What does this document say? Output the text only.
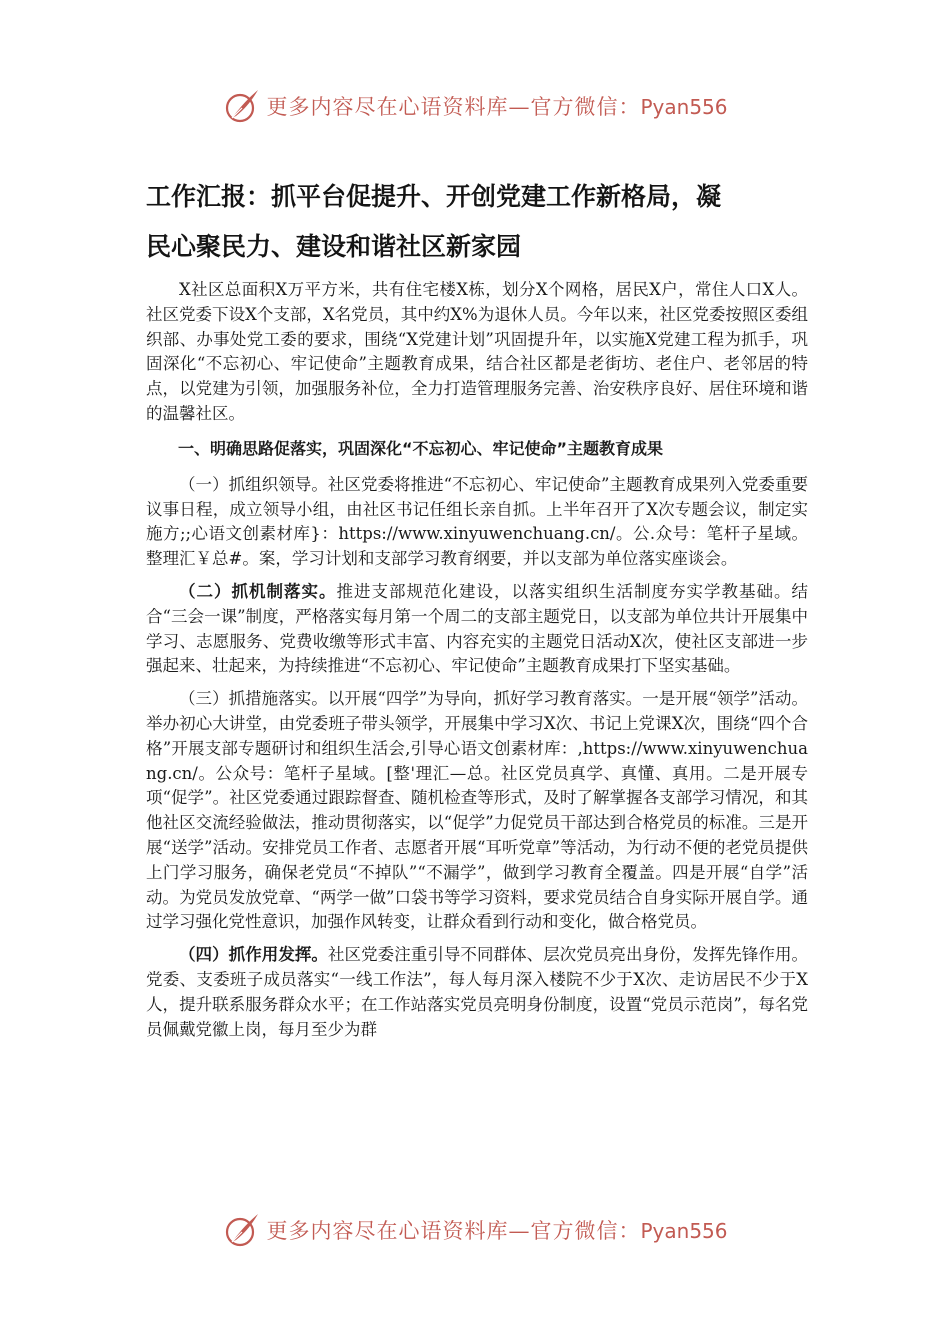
更多内容尽在心语资料库—官方微信：Pyan556
工作汇报：抓平台促提升、开创党建工作新格局，凝
民心聚民力、建设和谐社区新家园

X社区总面积X万平方米，共有住宅楼X栋，划分X个网格，居民X户，常住人口X人。社区党委下设X个支部，X名党员，其中约X%为退休人员。今年以来，社区党委按照区委组织部、办事处党工委的要求，围绕“X党建计划”巩固提升年，以实施X党建工程为抓手，巩固深化“不忘初心、牢记使命”主题教育成果，结合社区都是老街坊、老住户、老邻居的特点，以党建为引领，加强服务补位，全力打造管理服务完善、治安秩序良好、居住环境和谐的温馨社区。

一、明确思路促落实，巩固深化“不忘初心、牢记使命”主题教育成果

（一）抓组织领导。社区党委将推进“不忘初心、牢记使命”主题教育成果列入党委重要议事日程，成立领导小组，由社区书记任组长亲自抓。上半年召开了X次专题会议，制定实施方;;心语文创素材库}：https://www.xinyuwenchuang.cn/。公.众号：笔杆子星域。整理汇￥总#。案，学习计划和支部学习教育纲要，并以支部为单位落实座谈会。

（二）抓机制落实。推进支部规范化建设，以落实组织生活制度夯实学教基础。结合“三会一课”制度，严格落实每月第一个周二的支部主题党日，以支部为单位共计开展集中学习、志愿服务、党费收缴等形式丰富、内容充实的主题党日活动X次，使社区支部进一步强起来、壮起来，为持续推进“不忘初心、牢记使命”主题教育成果打下坚实基础。

（三）抓措施落实。以开展“四学”为导向，抓好学习教育落实。一是开展“领学”活动。举办初心大讲堂，由党委班子带头领学，开展集中学习X次、书记上党课X次，围绕“四个合格”开展支部专题研讨和组织生活会,引导心语文创素材库：,https://www.xinyuwenchuang.cn/。公众号：笔杆子星域。[整'理汇—总。社区党员真学、真懂、真用。二是开展专项“促学”。社区党委通过跟踪督查、随机检查等形式，及时了解掌握各支部学习情况，和其他社区交流经验做法，推动贯彻落实，以“促学”力促党员干部达到合格党员的标准。三是开展“送学”活动。安排党员工作者、志愿者开展“耳听党章”等活动，为行动不便的老党员提供上门学习服务，确保老党员“不掉队”“不漏学”，做到学习教育全覆盖。四是开展“自学”活动。为党员发放党章、“两学一做”口袋书等学习资料，要求党员结合自身实际开展自学。通过学习强化党性意识，加强作风转变，让群众看到行动和变化，做合格党员。

（四）抓作用发挥。社区党委注重引导不同群体、层次党员亮出身份，发挥先锋作用。党委、支委班子成员落实“一线工作法”，每人每月深入楼院不少于X次、走访居民不少于X人，提升联系服务群众水平；在工作站落实党员亮明身份制度，设置“党员示范岗”，每名党员佩戴党徽上岗，每月至少为群

更多内容尽在心语资料库—官方微信：Pyan556
